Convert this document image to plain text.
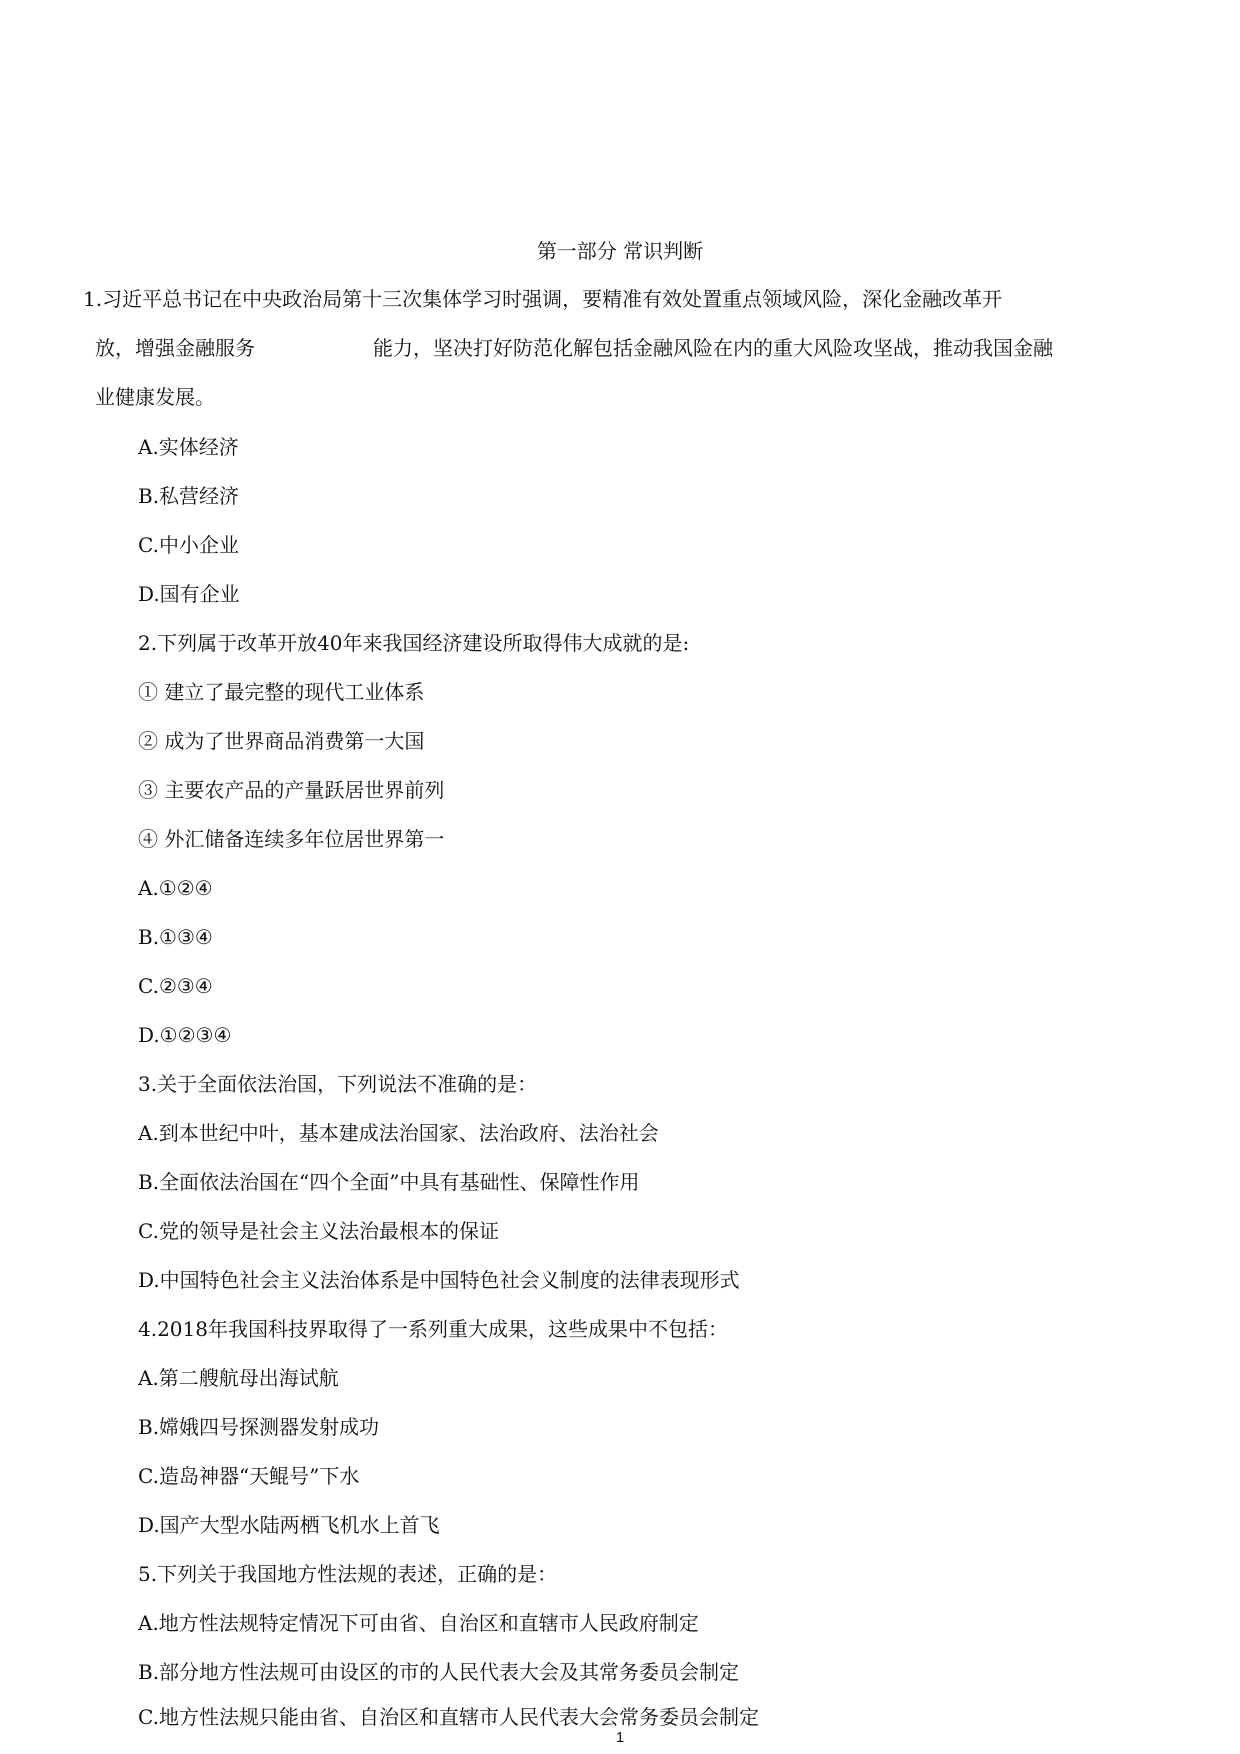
第一部分 常识判断
1.习近平总书记在中央政治局第十三次集体学习时强调，要精准有效处置重点领域风险，深化金融改革开
放，增强金融服务	能力，坚决打好防范化解包括金融风险在内的重大风险攻坚战，推动我国金融
业健康发展。
A.实体经济
B.私营经济
C.中小企业
D.国有企业
2.下列属于改革开放40年来我国经济建设所取得伟大成就的是:
① 建立了最完整的现代工业体系
② 成为了世界商品消费第一大国
③ 主要农产品的产量跃居世界前列
④ 外汇储备连续多年位居世界第一
A.①②④
B.①③④
C.②③④
D.①②③④
3.关于全面依法治国，下列说法不准确的是：
A.到本世纪中叶，基本建成法治国家、法治政府、法治社会
B.全面依法治国在“四个全面”中具有基础性、保障性作用
C.党的领导是社会主义法治最根本的保证
D.中国特色社会主义法治体系是中国特色社会义制度的法律表现形式
4.2018年我国科技界取得了一系列重大成果，这些成果中不包括：
A.第二艘航母出海试航
B.嫦娥四号探测器发射成功
C.造岛神器“天鲲号”下水
D.国产大型水陆两栖飞机水上首飞
5.下列关于我国地方性法规的表述，正确的是：
A.地方性法规特定情况下可由省、自治区和直辖市人民政府制定
B.部分地方性法规可由设区的市的人民代表大会及其常务委员会制定
C.地方性法规只能由省、自治区和直辖市人民代表大会常务委员会制定
1
